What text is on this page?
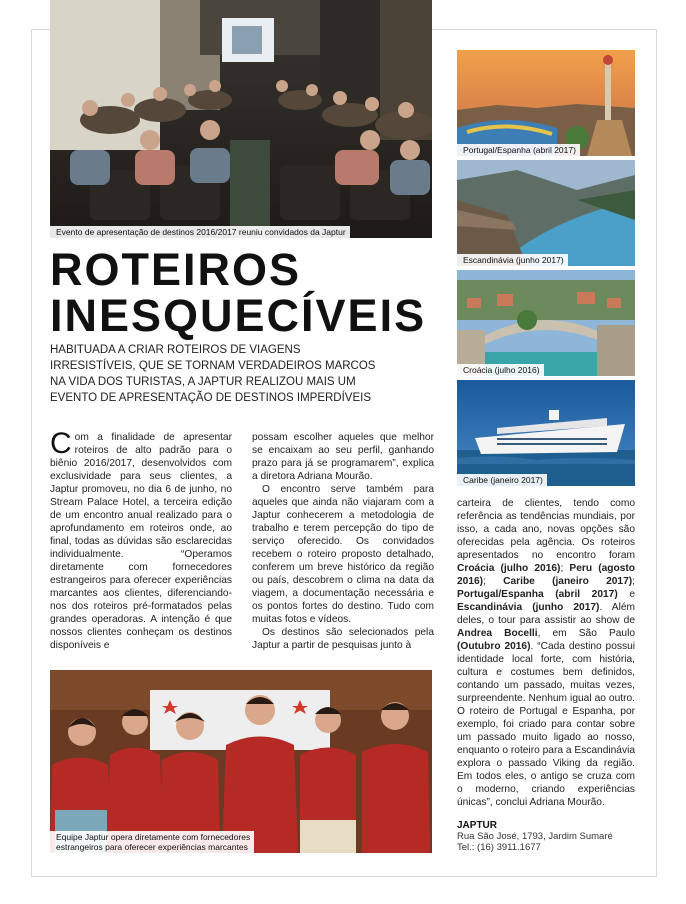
Evento de apresentação de destinos 2016/2017 reuniu convidados da Japtur
Portugal/Espanha (abril 2017)
Escandinávia (junho 2017)
Croácia (julho 2016)
Caribe (janeiro 2017)
ROTEIROS
INESQUECÍVEIS
HABITUADA A CRIAR ROTEIROS DE VIAGENS IRRESISTÍVEIS, QUE SE TORNAM VERDADEIROS MARCOS NA VIDA DOS TURISTAS, A JAPTUR REALIZOU MAIS UM EVENTO DE APRESENTAÇÃO DE DESTINOS IMPERDÍVEIS

Com a finalidade de apresentar roteiros de alto padrão para o biênio 2016/2017, desenvolvidos com exclusividade para seus clientes, a Japtur promoveu, no dia 6 de junho, no Stream Palace Hotel, a terceira edição de um encontro anual realizado para o aprofundamento em roteiros onde, ao final, todas as dúvidas são esclarecidas individualmente. “Operamos diretamente com fornecedores estrangeiros para oferecer experiências marcantes aos clientes, diferenciando-nos dos roteiros pré-formatados pelas grandes operadoras. A intenção é que nossos clientes conheçam os destinos disponíveis e

possam escolher aqueles que melhor se encaixam ao seu perfil, ganhando prazo para já se programarem”, explica a diretora Adriana Mourão.

O encontro serve também para aqueles que ainda não viajaram com a Japtur conhecerem a metodologia de trabalho e terem percepção do tipo de serviço oferecido. Os convidados recebem o roteiro proposto detalhado, conferem um breve histórico da região ou país, descobrem o clima na data da viagem, a documentação necessária e os pontos fortes do destino. Tudo com muitas fotos e vídeos.

Os destinos são selecionados pela Japtur a partir de pesquisas junto à

Equipe Japtur opera diretamente com fornecedores
estrangeiros para oferecer experiências marcantes

carteira de clientes, tendo como referência as tendências mundiais, por isso, a cada ano, novas opções são oferecidas pela agência. Os roteiros apresentados no encontro foram Croácia (julho 2016); Peru (agosto 2016); Caribe (janeiro 2017); Portugal/Espanha (abril 2017) e Escandinávia (junho 2017). Além deles, o tour para assistir ao show de Andrea Bocelli, em São Paulo (Outubro 2016). “Cada destino possui identidade local forte, com história, cultura e costumes bem definidos, contando um passado, muitas vezes, surpreendente. Nenhum igual ao outro. O roteiro de Portugal e Espanha, por exemplo, foi criado para contar sobre um passado muito ligado ao nosso, enquanto o roteiro para a Escandinávia explora o passado Viking da região. Em todos eles, o antigo se cruza com o moderno, criando experiências únicas”, conclui Adriana Mourão.

JAPTUR
Rua São José, 1793, Jardim Sumaré
Tel.: (16) 3911.1677
